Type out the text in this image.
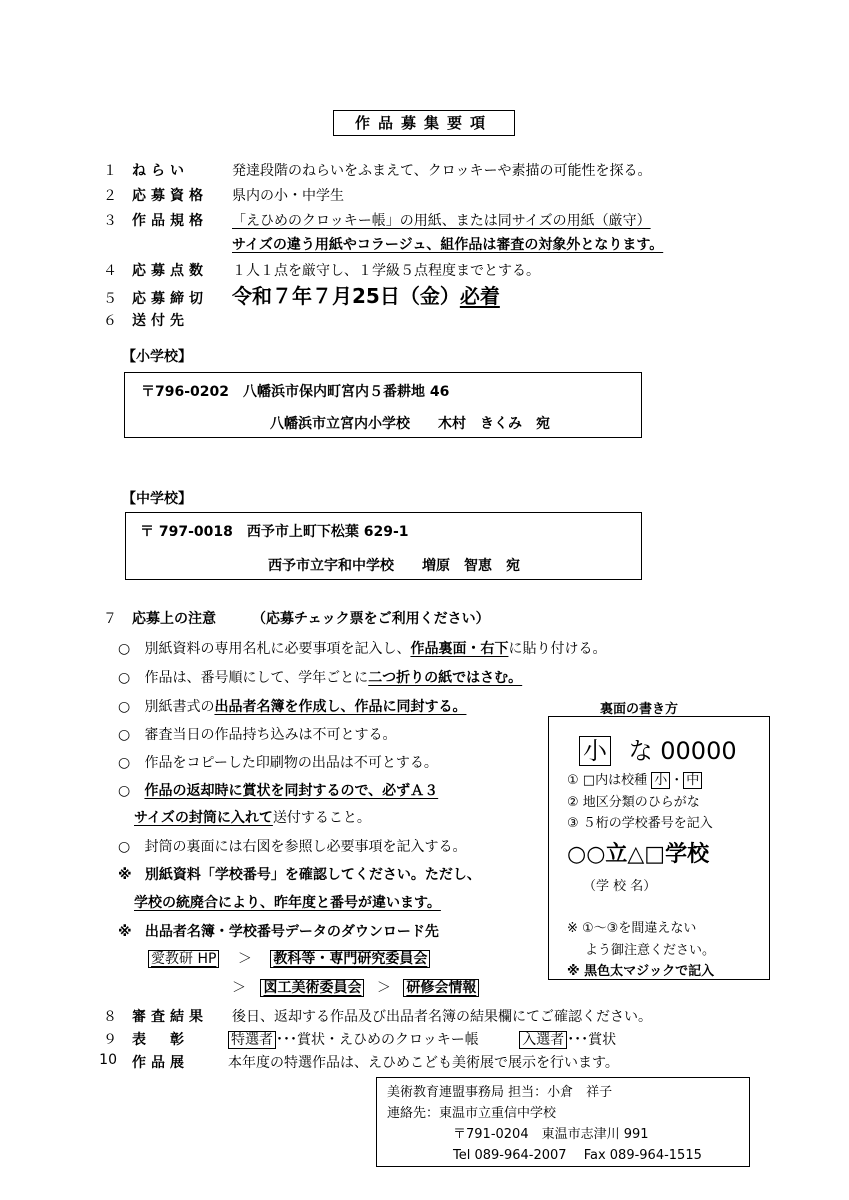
作品募集要項
１ ねらい	発達段階のねらいをふまえて、クロッキーや素描の可能性を探る。
２ 応募資格 県内の小・中学生
３ 作品規格 「えひめのクロッキー帳」の用紙、または同サイズの用紙（厳守）
サイズの違う用紙やコラージュ、組作品は審査の対象外となります。
４ 応募点数 １人１点を厳守し、１学級５点程度までとする。
５ 応募締切 令和７年７月25日（金）必着
６ 送付先
【小学校】
〒796-0202　八幡浜市保内町宮内５番耕地 46
八幡浜市立宮内小学校　　木村　きくみ　宛
【中学校】
〒 797-0018　西予市上町下松葉 629-1
西予市立宇和中学校　　増原　智恵　宛
７ 応募上の注意	（応募チェック票をご利用ください）
○ 別紙資料の専用名札に必要事項を記入し、作品裏面・右下に貼り付ける。
○ 作品は、番号順にして、学年ごとに二つ折りの紙ではさむ。
○ 別紙書式の出品者名簿を作成し、作品に同封する。
○ 審査当日の作品持ち込みは不可とする。
○ 作品をコピーした印刷物の出品は不可とする。
○ 作品の返却時に賞状を同封するので、必ずＡ３
サイズの封筒に入れて送付すること。
○ 封筒の裏面には右図を参照し必要事項を記入する。
※ 別紙資料「学校番号」を確認してください。ただし、
学校の統廃合により、昨年度と番号が違います。
※ 出品者名簿・学校番号データのダウンロード先
愛教研 HP ＞ 教科等・専門研究委員会
＞ 図工美術委員会 ＞ 研修会情報
裏面の書き方
小 な 00000
① □内は校種 小 ・ 中
② 地区分類のひらがな
③ ５桁の学校番号を記入
○○立△□学校
（学 校 名）
※ ①～③を間違えない
よう御注意ください。
※ 黒色太マジックで記入
８ 審査結果 後日、返却する作品及び出品者名簿の結果欄にてご確認ください。
９ 表　彰	特選者 ･･･賞状・えひめのクロッキー帳	入選者 ･･･賞状
10 作品展	本年度の特選作品は、えひめこども美術展で展示を行います。
美術教育連盟事務局 担当：小倉　祥子
連絡先：東温市立重信中学校
〒791-0204　東温市志津川 991
Tel 089-964-2007　 Fax 089-964-1515
